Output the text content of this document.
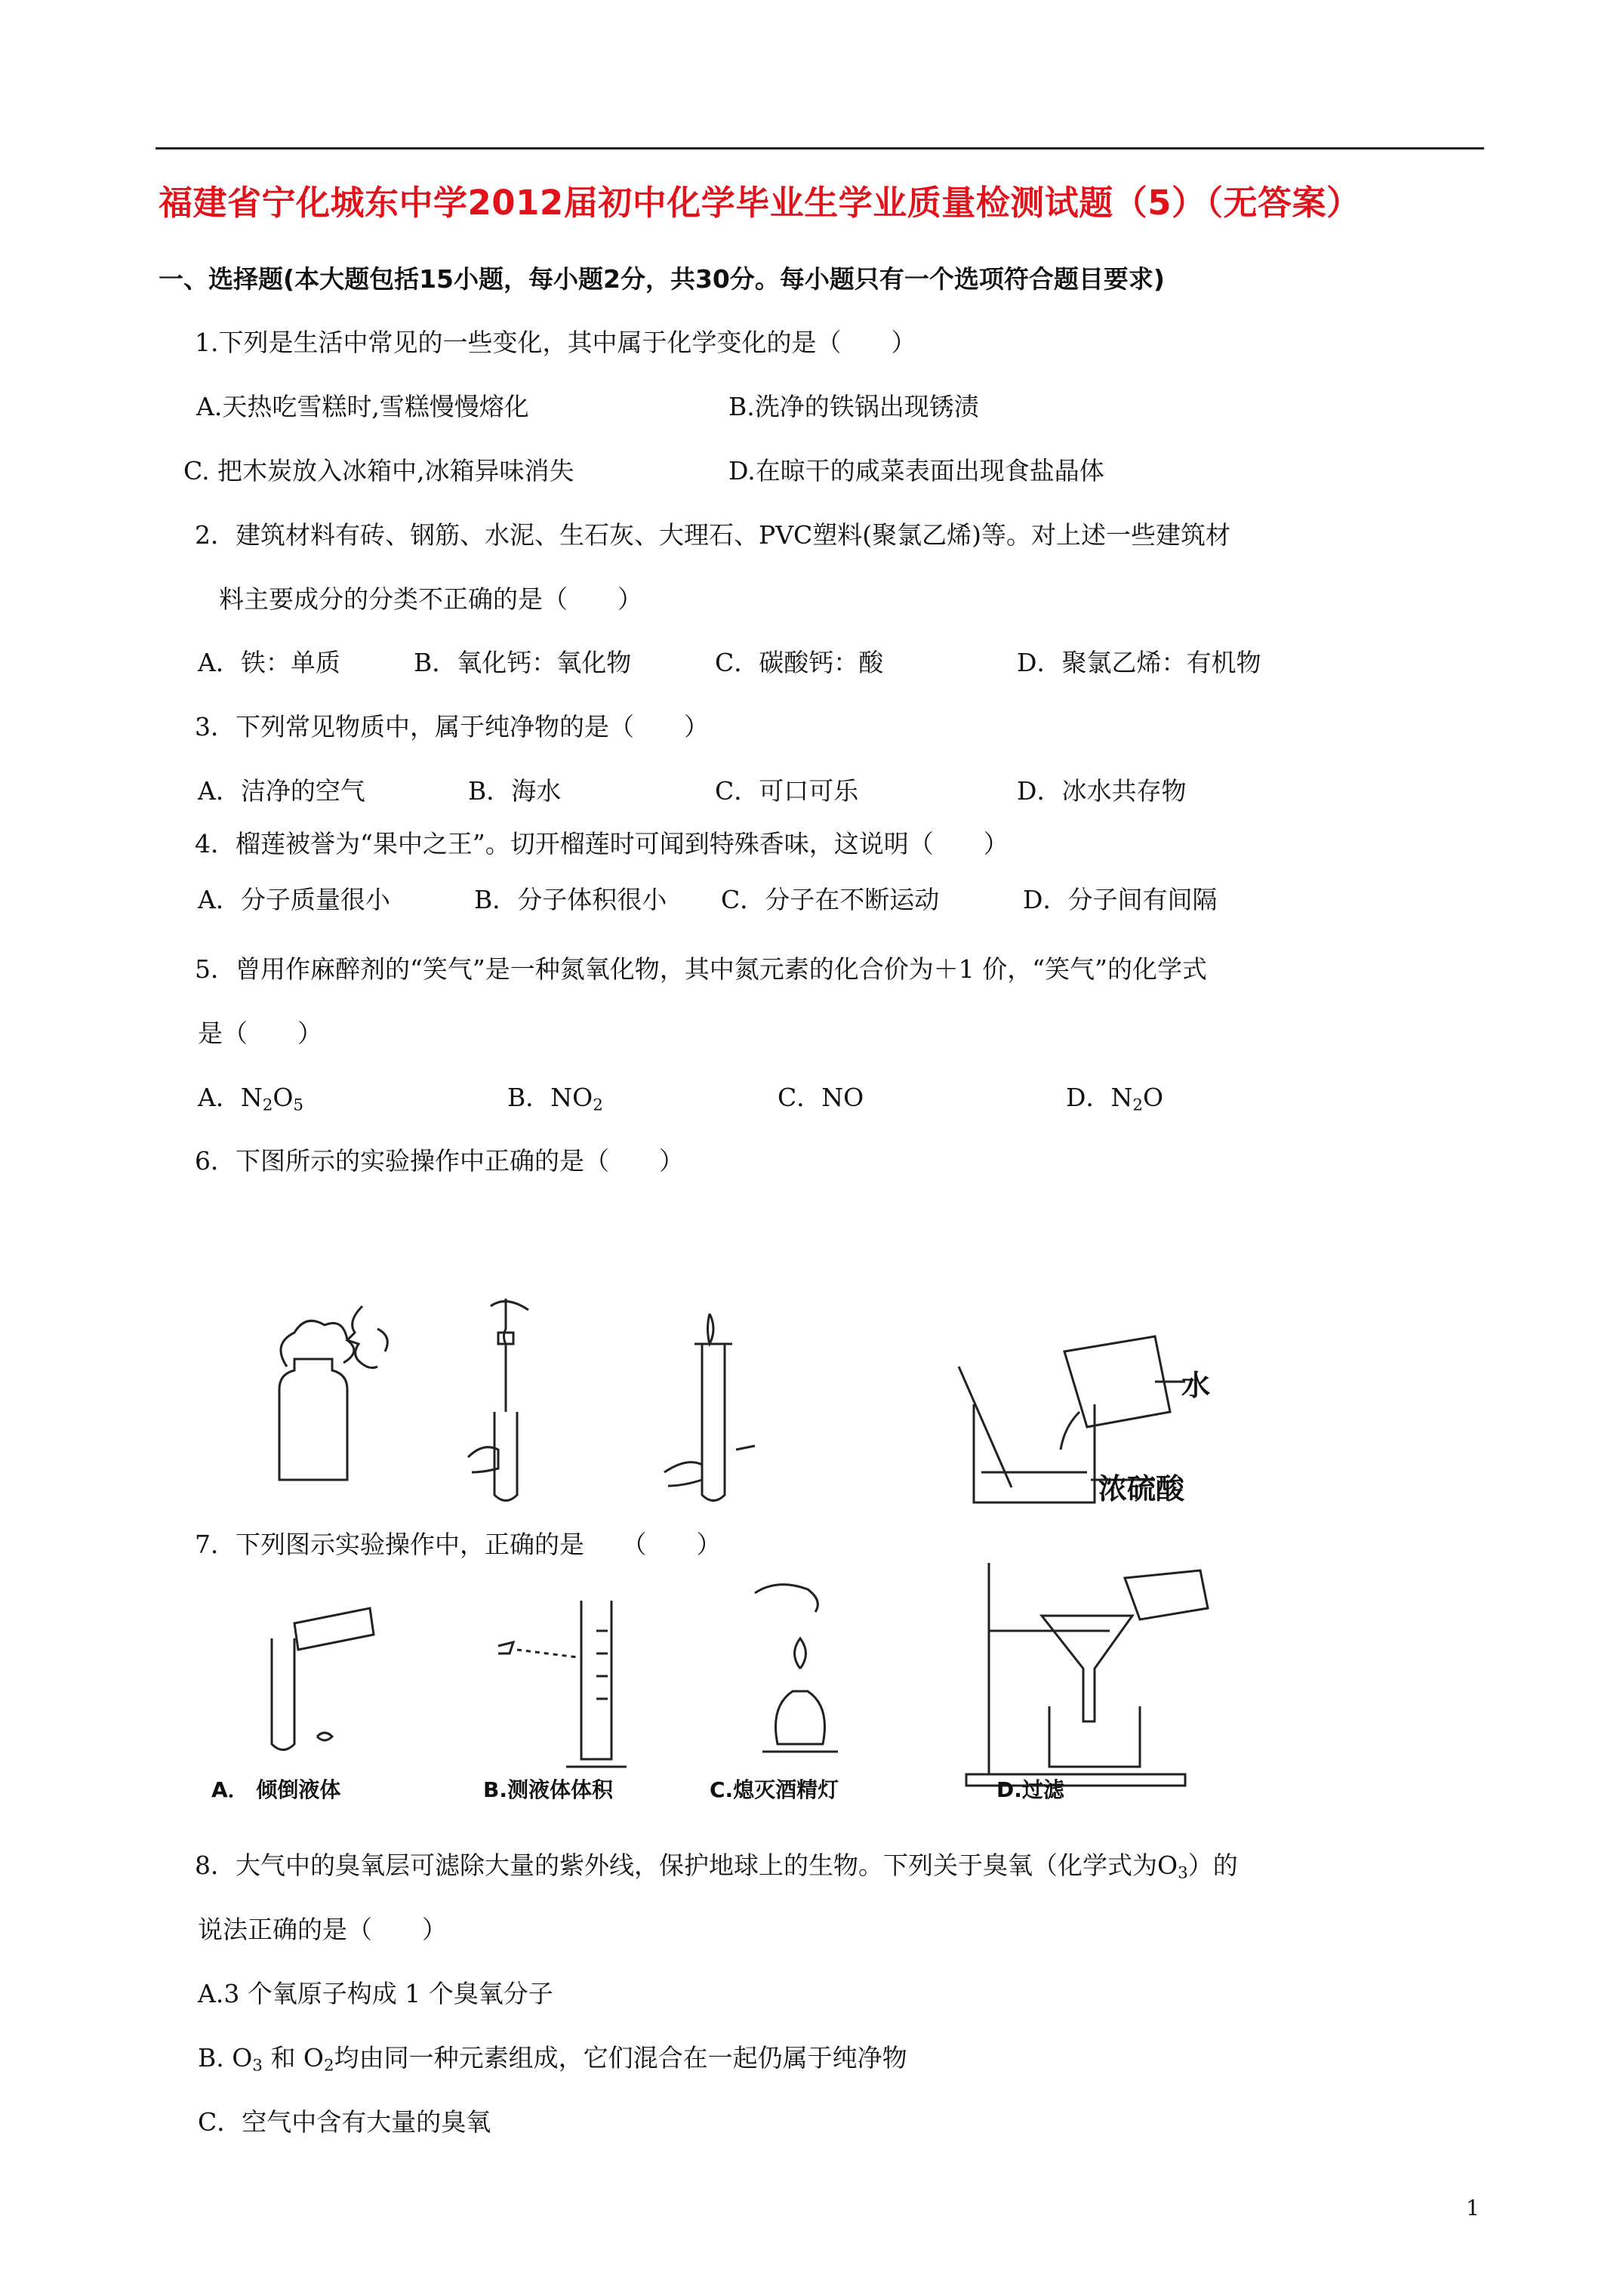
福建省宁化城东中学2012届初中化学毕业生学业质量检测试题（5）（无答案）
一、选择题(本大题包括15小题，每小题2分，共30分。每小题只有一个选项符合题目要求)
1.下列是生活中常见的一些变化，其中属于化学变化的是（　　）
A.天热吃雪糕时,雪糕慢慢熔化	B.洗净的铁锅出现锈渍
C. 把木炭放入冰箱中,冰箱异味消失	D.在晾干的咸菜表面出现食盐晶体
2．建筑材料有砖、钢筋、水泥、生石灰、大理石、PVC塑料(聚氯乙烯)等。对上述一些建筑材
料主要成分的分类不正确的是（　　）
A．铁：单质	B．氧化钙：氧化物	C．碳酸钙：酸	D．聚氯乙烯：有机物
3．下列常见物质中，属于纯净物的是（　　）
A．洁净的空气	B．海水	C．可口可乐	D．冰水共存物
4．榴莲被誉为“果中之王”。切开榴莲时可闻到特殊香味，这说明（　　）
A．分子质量很小	B．分子体积很小 C．分子在不断运动	D．分子间有间隔
5．曾用作麻醉剂的“笑气”是一种氮氧化物，其中氮元素的化合价为＋1 价，“笑气”的化学式
是（　　）
A．$N_2O_5$	B．$NO_2$	C．NO	D．$N_2O$
6．下图所示的实验操作中正确的是（　　）
水
浓硫酸
7．下列图示实验操作中，正确的是　　（　　）
A． 倾倒液体	B.测液体体积	C.熄灭酒精灯	D.过滤
8．大气中的臭氧层可滤除大量的紫外线，保护地球上的生物。下列关于臭氧（化学式为$O_3$）的
说法正确的是（　　）
A.3 个氧原子构成 1 个臭氧分子
B. $O_3$ 和 $O_2$均由同一种元素组成，它们混合在一起仍属于纯净物
C．空气中含有大量的臭氧
1
